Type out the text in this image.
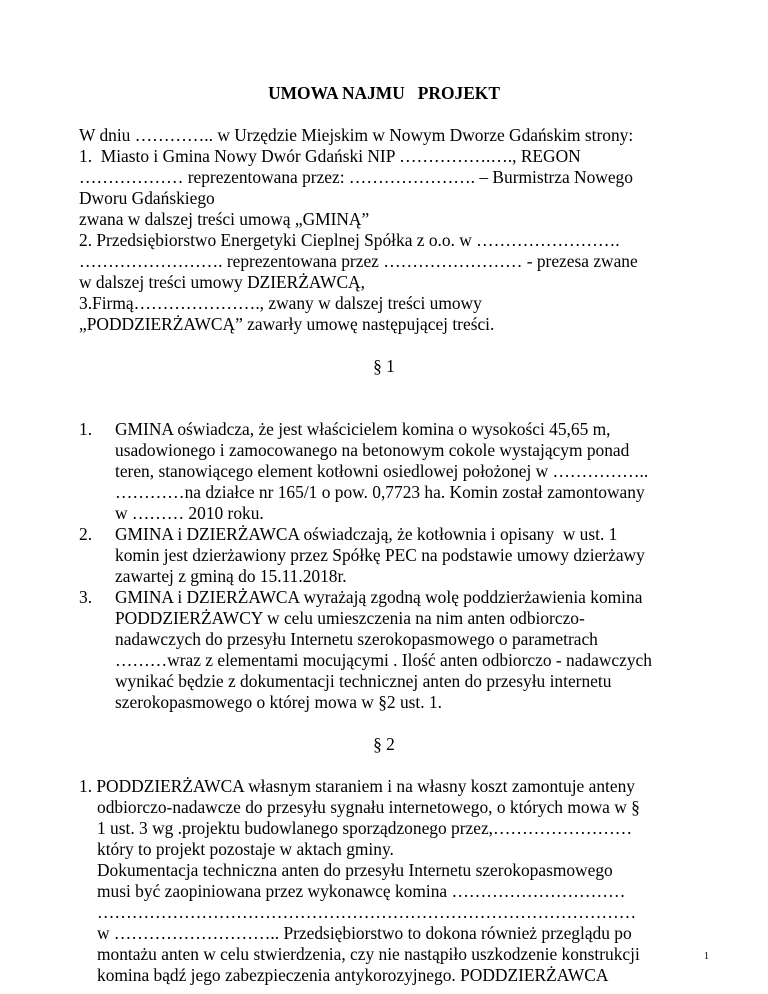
UMOWA NAJMU   PROJEKT
W dniu ………….. w Urzędzie Miejskim w Nowym Dworze Gdańskim strony:
1.  Miasto i Gmina Nowy Dwór Gdański NIP …………….…., REGON
……………… reprezentowana przez: …………………. – Burmistrza Nowego
Dworu Gdańskiego
zwana w dalszej treści umową „GMINĄ”
2. Przedsiębiorstwo Energetyki Cieplnej Spółka z o.o. w …………………….
……………………. reprezentowana przez …………………… - prezesa zwane
w dalszej treści umowy DZIERŻAWCĄ,
3.Firmą…………………., zwany w dalszej treści umowy
„PODDZIERŻAWCĄ” zawarły umowę następującej treści.
§ 1
1. GMINA oświadcza, że jest właścicielem komina o wysokości 45,65 m,
usadowionego i zamocowanego na betonowym cokole wystającym ponad
teren, stanowiącego element kotłowni osiedlowej położonej w ……………..
…………na działce nr 165/1 o pow. 0,7723 ha. Komin został zamontowany
w ……… 2010 roku.
2. GMINA i DZIERŻAWCA oświadczają, że kotłownia i opisany  w ust. 1
komin jest dzierżawiony przez Spółkę PEC na podstawie umowy dzierżawy
zawartej z gminą do 15.11.2018r.
3. GMINA i DZIERŻAWCA wyrażają zgodną wolę poddzierżawienia komina
PODDZIERŻAWCY w celu umieszczenia na nim anten odbiorczo-
nadawczych do przesyłu Internetu szerokopasmowego o parametrach
………wraz z elementami mocującymi . Ilość anten odbiorczo - nadawczych
wynikać będzie z dokumentacji technicznej anten do przesyłu internetu
szerokopasmowego o której mowa w §2 ust. 1.
§ 2
1. PODDZIERŻAWCA własnym staraniem i na własny koszt zamontuje anteny
odbiorczo-nadawcze do przesyłu sygnału internetowego, o których mowa w §
1 ust. 3 wg .projektu budowlanego sporządzonego przez,……………………
który to projekt pozostaje w aktach gminy.
Dokumentacja techniczna anten do przesyłu Internetu szerokopasmowego
musi być zaopiniowana przez wykonawcę komina …………………………
…………………………………………………………………………………
w ……………………….. Przedsiębiorstwo to dokona również przeglądu po
montażu anten w celu stwierdzenia, czy nie nastąpiło uszkodzenie konstrukcji
komina bądź jego zabezpieczenia antykorozyjnego. PODDZIERŻAWCA
1
